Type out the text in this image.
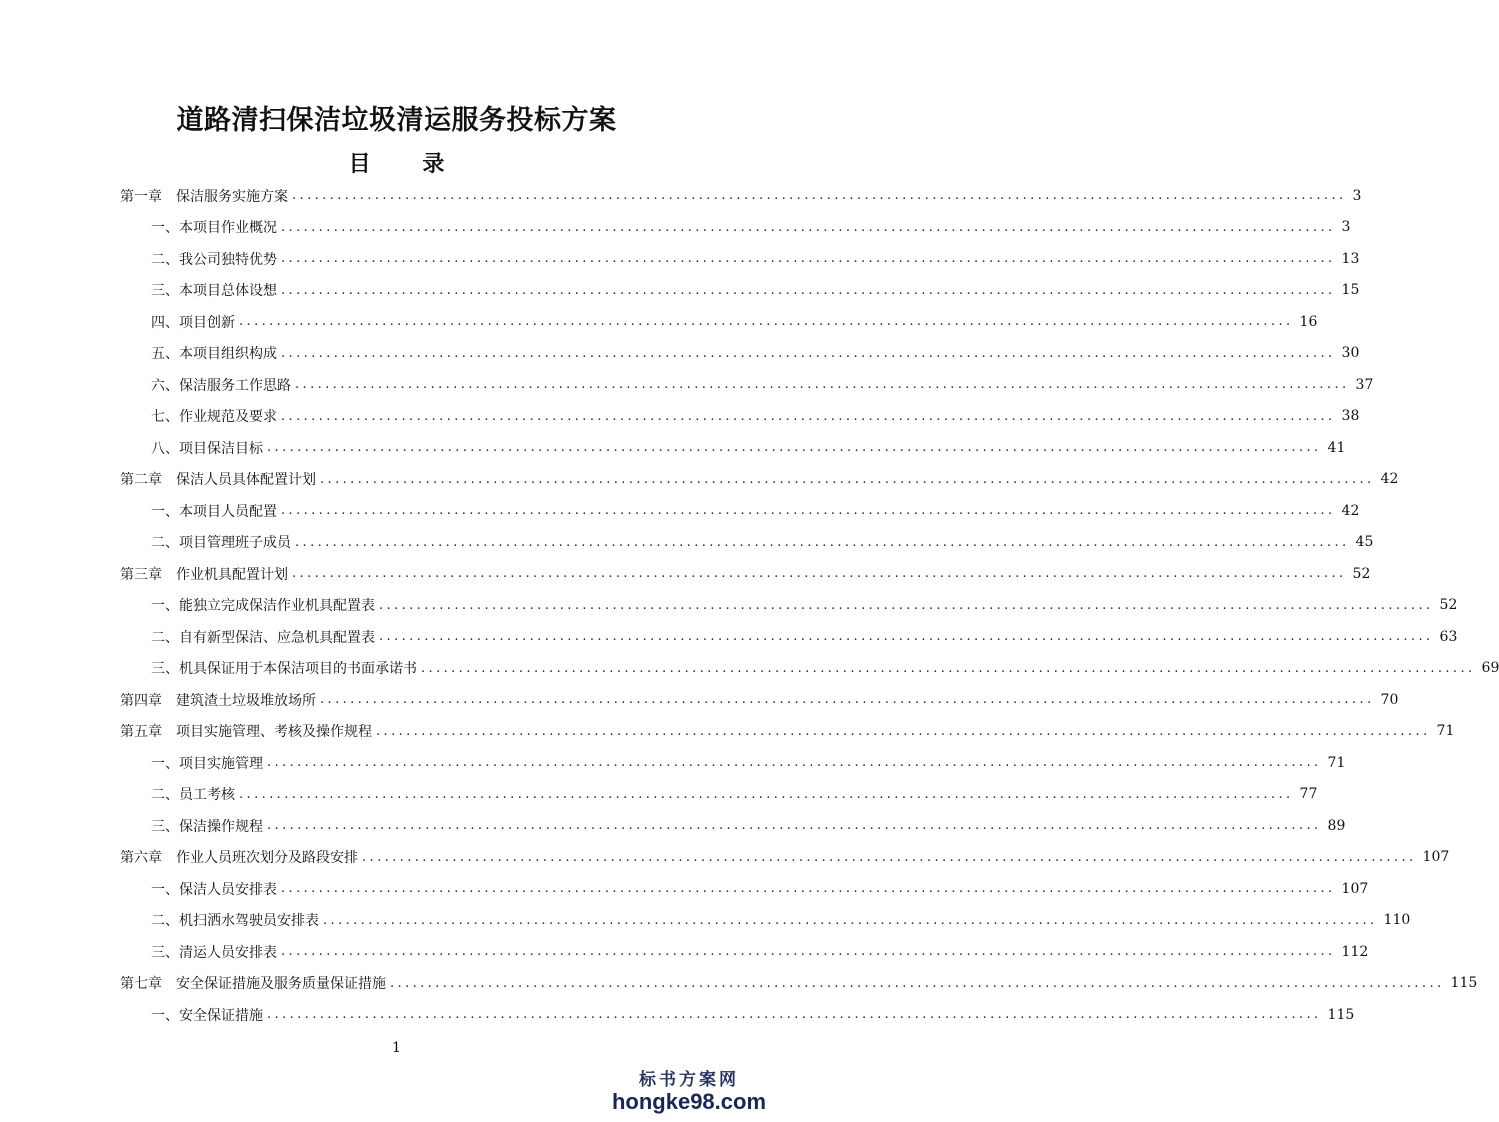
道路清扫保洁垃圾清运服务投标方案
目 录
第一章 保洁服务实施方案 ............................................................................................................................................ 3
一、本项目作业概况 ............................................................................................................................................ 3
二、我公司独特优势 ............................................................................................................................................ 13
三、本项目总体设想 ............................................................................................................................................ 15
四、项目创新 ............................................................................................................................................ 16
五、本项目组织构成 ............................................................................................................................................ 30
六、保洁服务工作思路 ............................................................................................................................................ 37
七、作业规范及要求 ............................................................................................................................................ 38
八、项目保洁目标 ............................................................................................................................................ 41
第二章 保洁人员具体配置计划 ............................................................................................................................................ 42
一、本项目人员配置 ............................................................................................................................................ 42
二、项目管理班子成员 ............................................................................................................................................ 45
第三章 作业机具配置计划 ............................................................................................................................................ 52
一、能独立完成保洁作业机具配置表 ............................................................................................................................................ 52
二、自有新型保洁、应急机具配置表 ............................................................................................................................................ 63
三、机具保证用于本保洁项目的书面承诺书 ............................................................................................................................................ 69
第四章 建筑渣土垃圾堆放场所 ............................................................................................................................................ 70
第五章 项目实施管理、考核及操作规程 ............................................................................................................................................ 71
一、项目实施管理 ............................................................................................................................................ 71
二、员工考核 ............................................................................................................................................ 77
三、保洁操作规程 ............................................................................................................................................ 89
第六章 作业人员班次划分及路段安排 ............................................................................................................................................ 107
一、保洁人员安排表 ............................................................................................................................................ 107
二、机扫洒水驾驶员安排表 ............................................................................................................................................ 110
三、清运人员安排表 ............................................................................................................................................ 112
第七章 安全保证措施及服务质量保证措施 ............................................................................................................................................ 115
一、安全保证措施 ............................................................................................................................................ 115
1
标书方案网
hongke98.com
